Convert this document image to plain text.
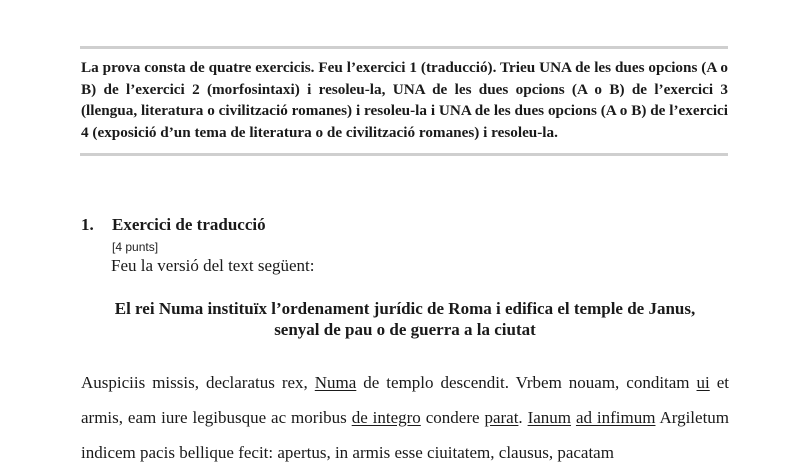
La prova consta de quatre exercicis. Feu l’exercici 1 (traducció). Trieu UNA de les dues opcions (A o B) de l’exercici 2 (morfosintaxi) i resoleu-la, UNA de les dues opcions (A o B) de l’exercici 3 (llengua, literatura o civilització romanes) i resoleu-la i UNA de les dues opcions (A o B) de l’exercici 4 (exposició d’un tema de literatura o de civilització romanes) i resoleu-la.
1. Exercici de traducció
[4 punts]
Feu la versió del text següent:
El rei Numa instituïx l’ordenament jurídic de Roma i edifica el temple de Janus,
senyal de pau o de guerra a la ciutat
Auspiciis missis, declaratus rex, Numa de templo descendit. Vrbem nouam, conditam ui et armis, eam iure legibusque ac moribus de integro condere parat. Ianum ad infimum Argiletum indicem pacis bellique fecit: apertus, in armis esse ciuitatem, clausus, pacatam
